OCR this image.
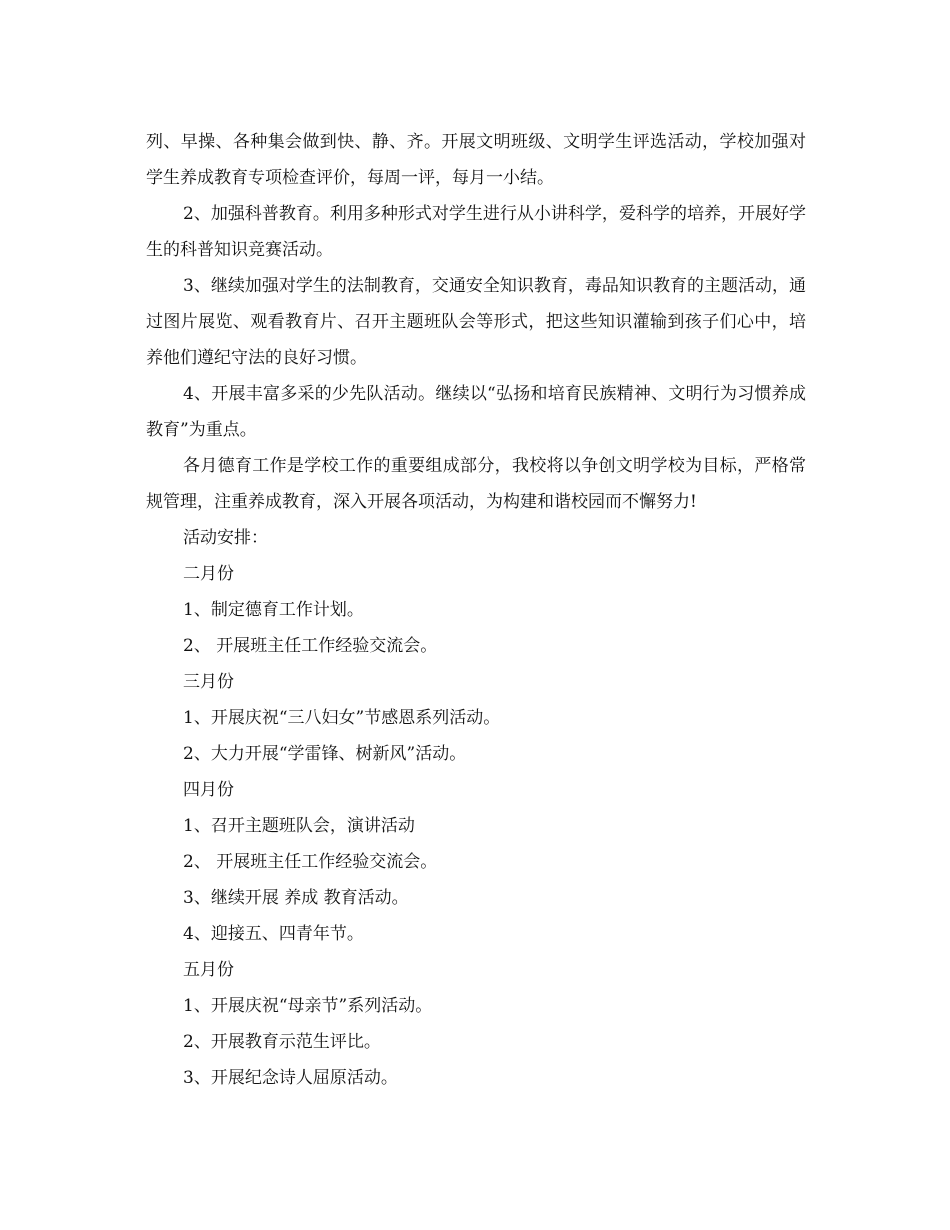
列、早操、各种集会做到快、静、齐。开展文明班级、文明学生评选活动，学校加强对学生养成教育专项检查评价，每周一评，每月一小结。

2、加强科普教育。利用多种形式对学生进行从小讲科学，爱科学的培养，开展好学生的科普知识竞赛活动。

3、继续加强对学生的法制教育，交通安全知识教育，毒品知识教育的主题活动，通过图片展览、观看教育片、召开主题班队会等形式，把这些知识灌输到孩子们心中，培养他们遵纪守法的良好习惯。

4、开展丰富多采的少先队活动。继续以“弘扬和培育民族精神、文明行为习惯养成教育”为重点。

各月德育工作是学校工作的重要组成部分，我校将以争创文明学校为目标，严格常规管理，注重养成教育，深入开展各项活动，为构建和谐校园而不懈努力!

活动安排：

二月份

1、制定德育工作计划。

2、 开展班主任工作经验交流会。

三月份

1、开展庆祝“三八妇女”节感恩系列活动。

2、大力开展“学雷锋、树新风”活动。

四月份

1、召开主题班队会，演讲活动

2、 开展班主任工作经验交流会。

3、继续开展 养成 教育活动。

4、迎接五、四青年节。

五月份

1、开展庆祝“母亲节”系列活动。

2、开展教育示范生评比。

3、开展纪念诗人屈原活动。
